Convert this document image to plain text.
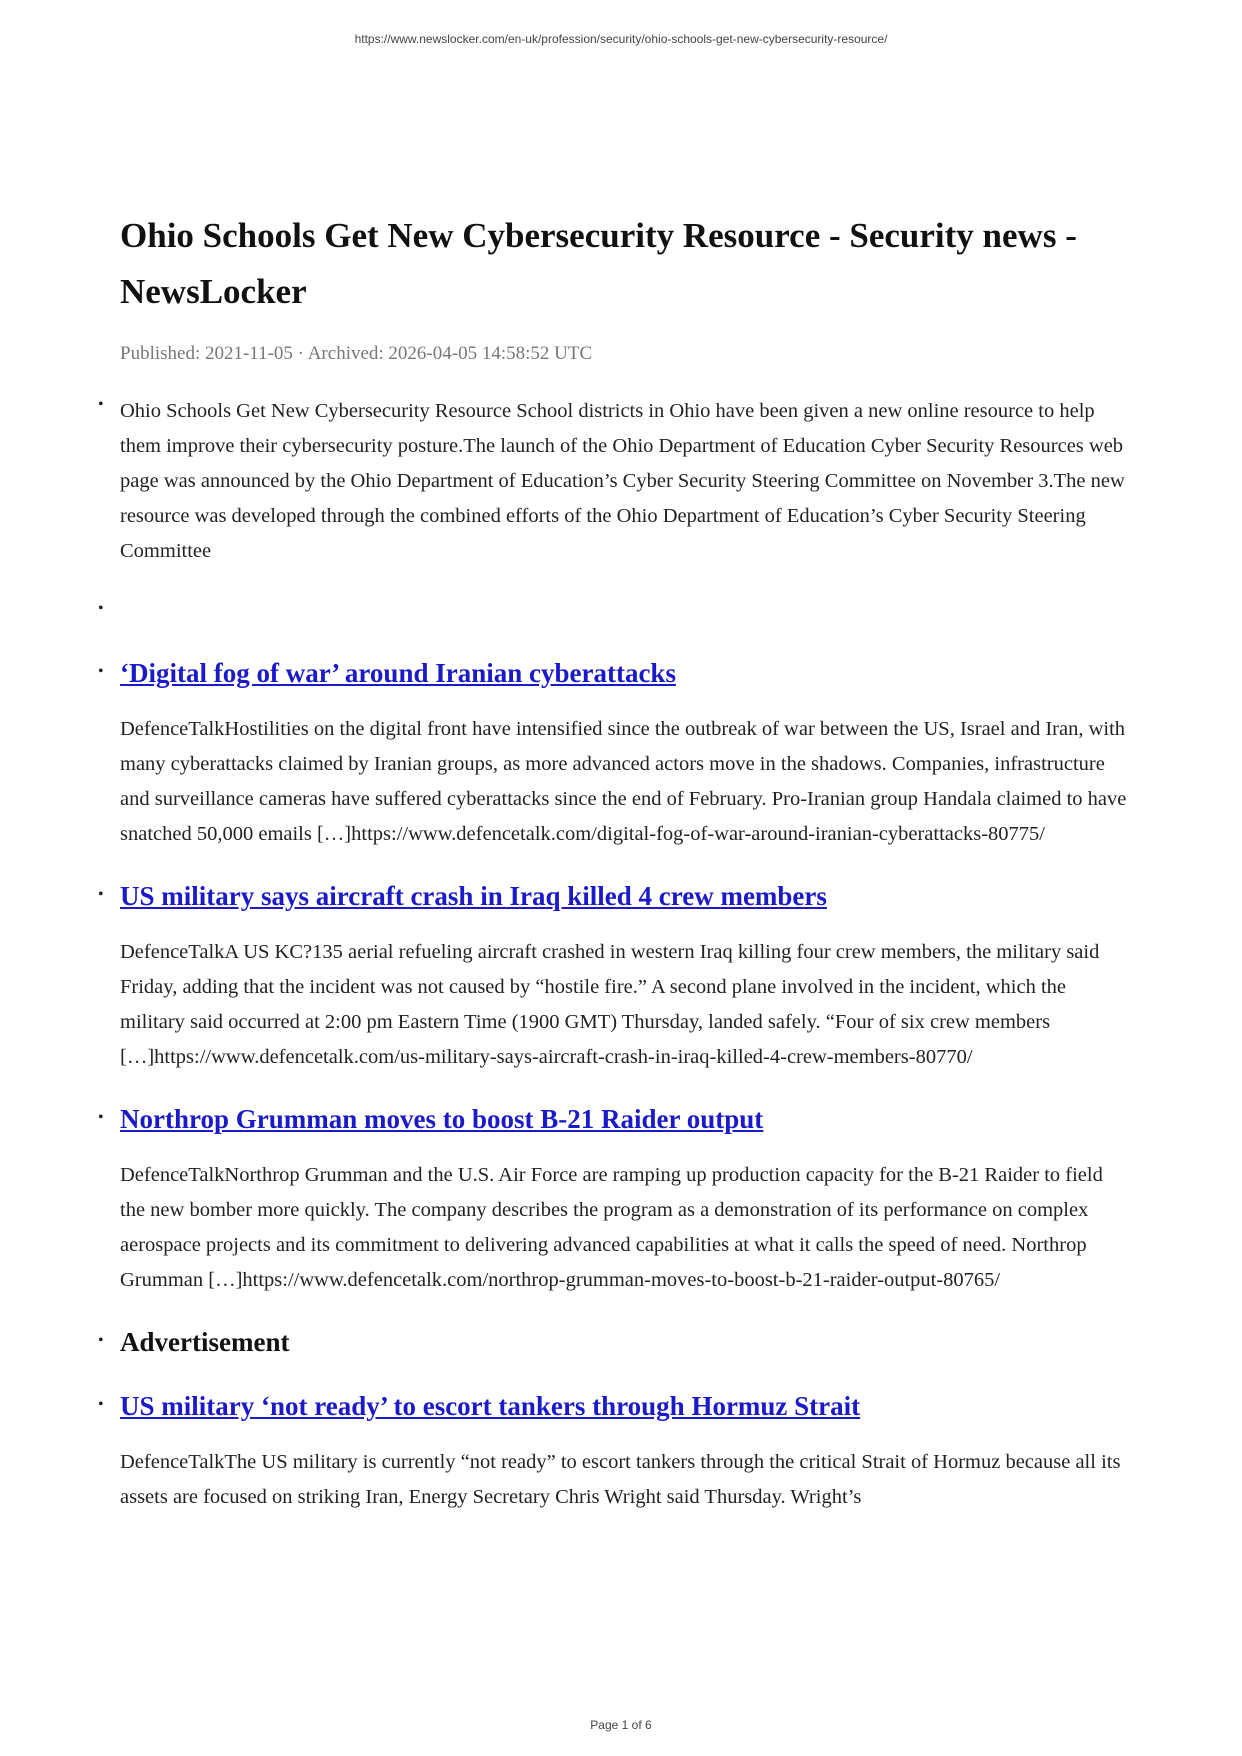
https://www.newslocker.com/en-uk/profession/security/ohio-schools-get-new-cybersecurity-resource/
Ohio Schools Get New Cybersecurity Resource - Security news - NewsLocker
Published: 2021-11-05 · Archived: 2026-04-05 14:58:52 UTC
• Ohio Schools Get New Cybersecurity Resource School districts in Ohio have been given a new online resource to help them improve their cybersecurity posture.The launch of the Ohio Department of Education Cyber Security Resources web page was announced by the Ohio Department of Education’s Cyber Security Steering Committee on November 3.The new resource was developed through the combined efforts of the Ohio Department of Education’s Cyber Security Steering Committee
•
• ‘Digital fog of war’ around Iranian cyberattacks

DefenceTalkHostilities on the digital front have intensified since the outbreak of war between the US, Israel and Iran, with many cyberattacks claimed by Iranian groups, as more advanced actors move in the shadows. Companies, infrastructure and surveillance cameras have suffered cyberattacks since the end of February. Pro-Iranian group Handala claimed to have snatched 50,000 emails […]https://www.defencetalk.com/digital-fog-of-war-around-iranian-cyberattacks-80775/

• US military says aircraft crash in Iraq killed 4 crew members

DefenceTalkA US KC?135 aerial refueling aircraft crashed in western Iraq killing four crew members, the military said Friday, adding that the incident was not caused by “hostile fire.” A second plane involved in the incident, which the military said occurred at 2:00 pm Eastern Time (1900 GMT) Thursday, landed safely. “Four of six crew members […]https://www.defencetalk.com/us-military-says-aircraft-crash-in-iraq-killed-4-crew-members-80770/

• Northrop Grumman moves to boost B-21 Raider output

DefenceTalkNorthrop Grumman and the U.S. Air Force are ramping up production capacity for the B-21 Raider to field the new bomber more quickly. The company describes the program as a demonstration of its performance on complex aerospace projects and its commitment to delivering advanced capabilities at what it calls the speed of need. Northrop Grumman […]https://www.defencetalk.com/northrop-grumman-moves-to-boost-b-21-raider-output-80765/

• Advertisement
• US military ‘not ready’ to escort tankers through Hormuz Strait

DefenceTalkThe US military is currently “not ready” to escort tankers through the critical Strait of Hormuz because all its assets are focused on striking Iran, Energy Secretary Chris Wright said Thursday. Wright’s

Page 1 of 6
